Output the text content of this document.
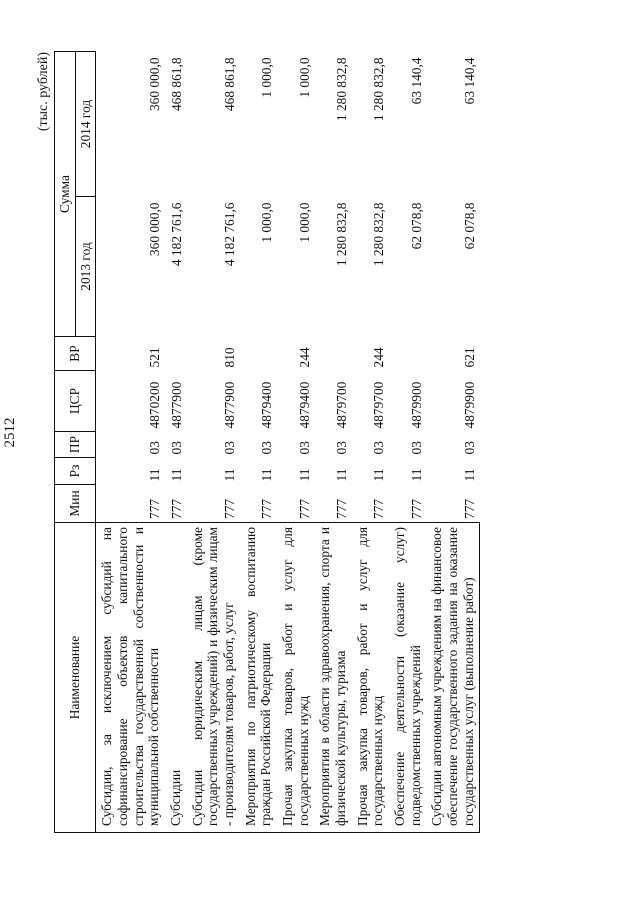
2512
(тыс. рублей)
Наименование	Мин	Рз	ПР	ЦСР	ВР	Сумма	
						2013 год	2014 год
Субсидии, за исключением субсидий на софинансирование объектов капитального строительства государственной собственности и муниципальной собственности	777	11	03	4870200	521	360 000,0	360 000,0
Субсидии	777	11	03	4877900		4 182 761,6	468 861,8
Субсидии юридическим лицам (кроме государственных учреждений) и физическим лицам - производителям товаров, работ, услуг	777	11	03	4877900	810	4 182 761,6	468 861,8
Мероприятия по патриотическому воспитанию граждан Российской Федерации	777	11	03	4879400		1 000,0	1 000,0
Прочая закупка товаров, работ и услуг для государственных нужд	777	11	03	4879400	244	1 000,0	1 000,0
Мероприятия в области здравоохранения, спорта и физической культуры, туризма	777	11	03	4879700		1 280 832,8	1 280 832,8
Прочая закупка товаров, работ и услуг для государственных нужд	777	11	03	4879700	244	1 280 832,8	1 280 832,8
Обеспечение деятельности (оказание услуг) подведомственных учреждений	777	11	03	4879900		62 078,8	63 140,4
Субсидии автономным учреждениям на финансовое обеспечение государственного задания на оказание государственных услуг (выполнение работ)	777	11	03	4879900	621	62 078,8	63 140,4
